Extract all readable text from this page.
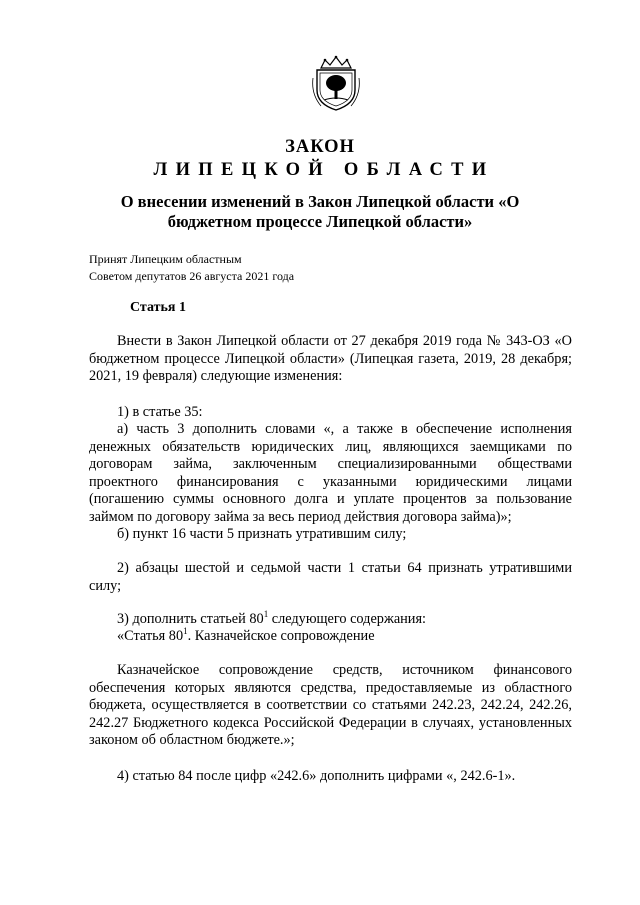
ЗАКОН
ЛИПЕЦКОЙ ОБЛАСТИ
О внесении изменений в Закон Липецкой области «О
бюджетном процессе Липецкой области»
Принят Липецким областным
Советом депутатов 26 августа 2021 года
Статья 1
Внести в Закон Липецкой области от 27 декабря 2019 года № 343-ОЗ «О бюджетном процессе Липецкой области» (Липецкая газета, 2019, 28 декабря; 2021, 19 февраля) следующие изменения:
1) в статье 35:
а) часть 3 дополнить словами «, а также в обеспечение исполнения денежных обязательств юридических лиц, являющихся заемщиками по договорам займа, заключенным специализированными обществами проектного финансирования с указанными юридическими лицами (погашению суммы основного долга и уплате процентов за пользование займом по договору займа за весь период действия договора займа)»;
б) пункт 16 части 5 признать утратившим силу;
2) абзацы шестой и седьмой части 1 статьи 64 признать утратившими силу;
3) дополнить статьей $80^1$ следующего содержания:
«Статья $80^1$. Казначейское сопровождение
Казначейское сопровождение средств, источником финансового обеспечения которых являются средства, предоставляемые из областного бюджета, осуществляется в соответствии со статьями 242.23, 242.24, 242.26, 242.27 Бюджетного кодекса Российской Федерации в случаях, установленных законом об областном бюджете.»;
4) статью 84 после цифр «242.6» дополнить цифрами «, 242.6-1».
